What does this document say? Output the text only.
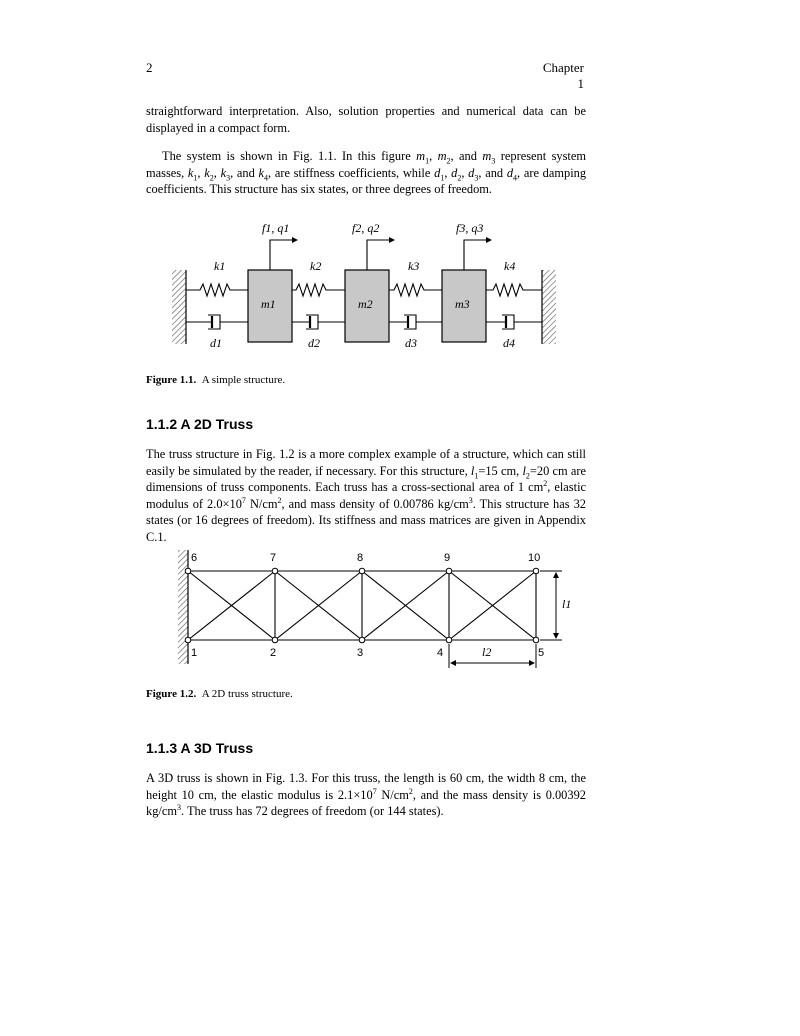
2	Chapter 1
straightforward interpretation. Also, solution properties and numerical data can be displayed in a compact form.
The system is shown in Fig. 1.1. In this figure $m_1$, $m_2$, and $m_3$ represent system masses, $k_1$, $k_2$, $k_3$, and $k_4$, are stiffness coefficients, while $d_1$, $d_2$, $d_3$, and $d_4$, are damping coefficients. This structure has six states, or three degrees of freedom.
f1, q1	f2, q2	f3, q3
k1	k2	k3	k4
m1	m2	m3
d1	d2	d3	d4
Figure 1.1. A simple structure.
1.1.2 A 2D Truss
The truss structure in Fig. 1.2 is a more complex example of a structure, which can still easily be simulated by the reader, if necessary. For this structure, $l_1=15$ cm, $l_2=20$ cm are dimensions of truss components. Each truss has a cross-sectional area of 1 $cm^2$, elastic modulus of $2.0\times 10^7$ $N/cm^2$, and mass density of 0.00786 $kg/cm^3$. This structure has 32 states (or 16 degrees of freedom). Its stiffness and mass matrices are given in Appendix C.1.
6	7	8	9	10
1	2	3	4	5
l1
l2
Figure 1.2. A 2D truss structure.
1.1.3 A 3D Truss
A 3D truss is shown in Fig. 1.3. For this truss, the length is 60 cm, the width 8 cm, the height 10 cm, the elastic modulus is $2.1\times 10^7$ $N/cm^2$, and the mass density is 0.00392 $kg/cm^3$. The truss has 72 degrees of freedom (or 144 states).
